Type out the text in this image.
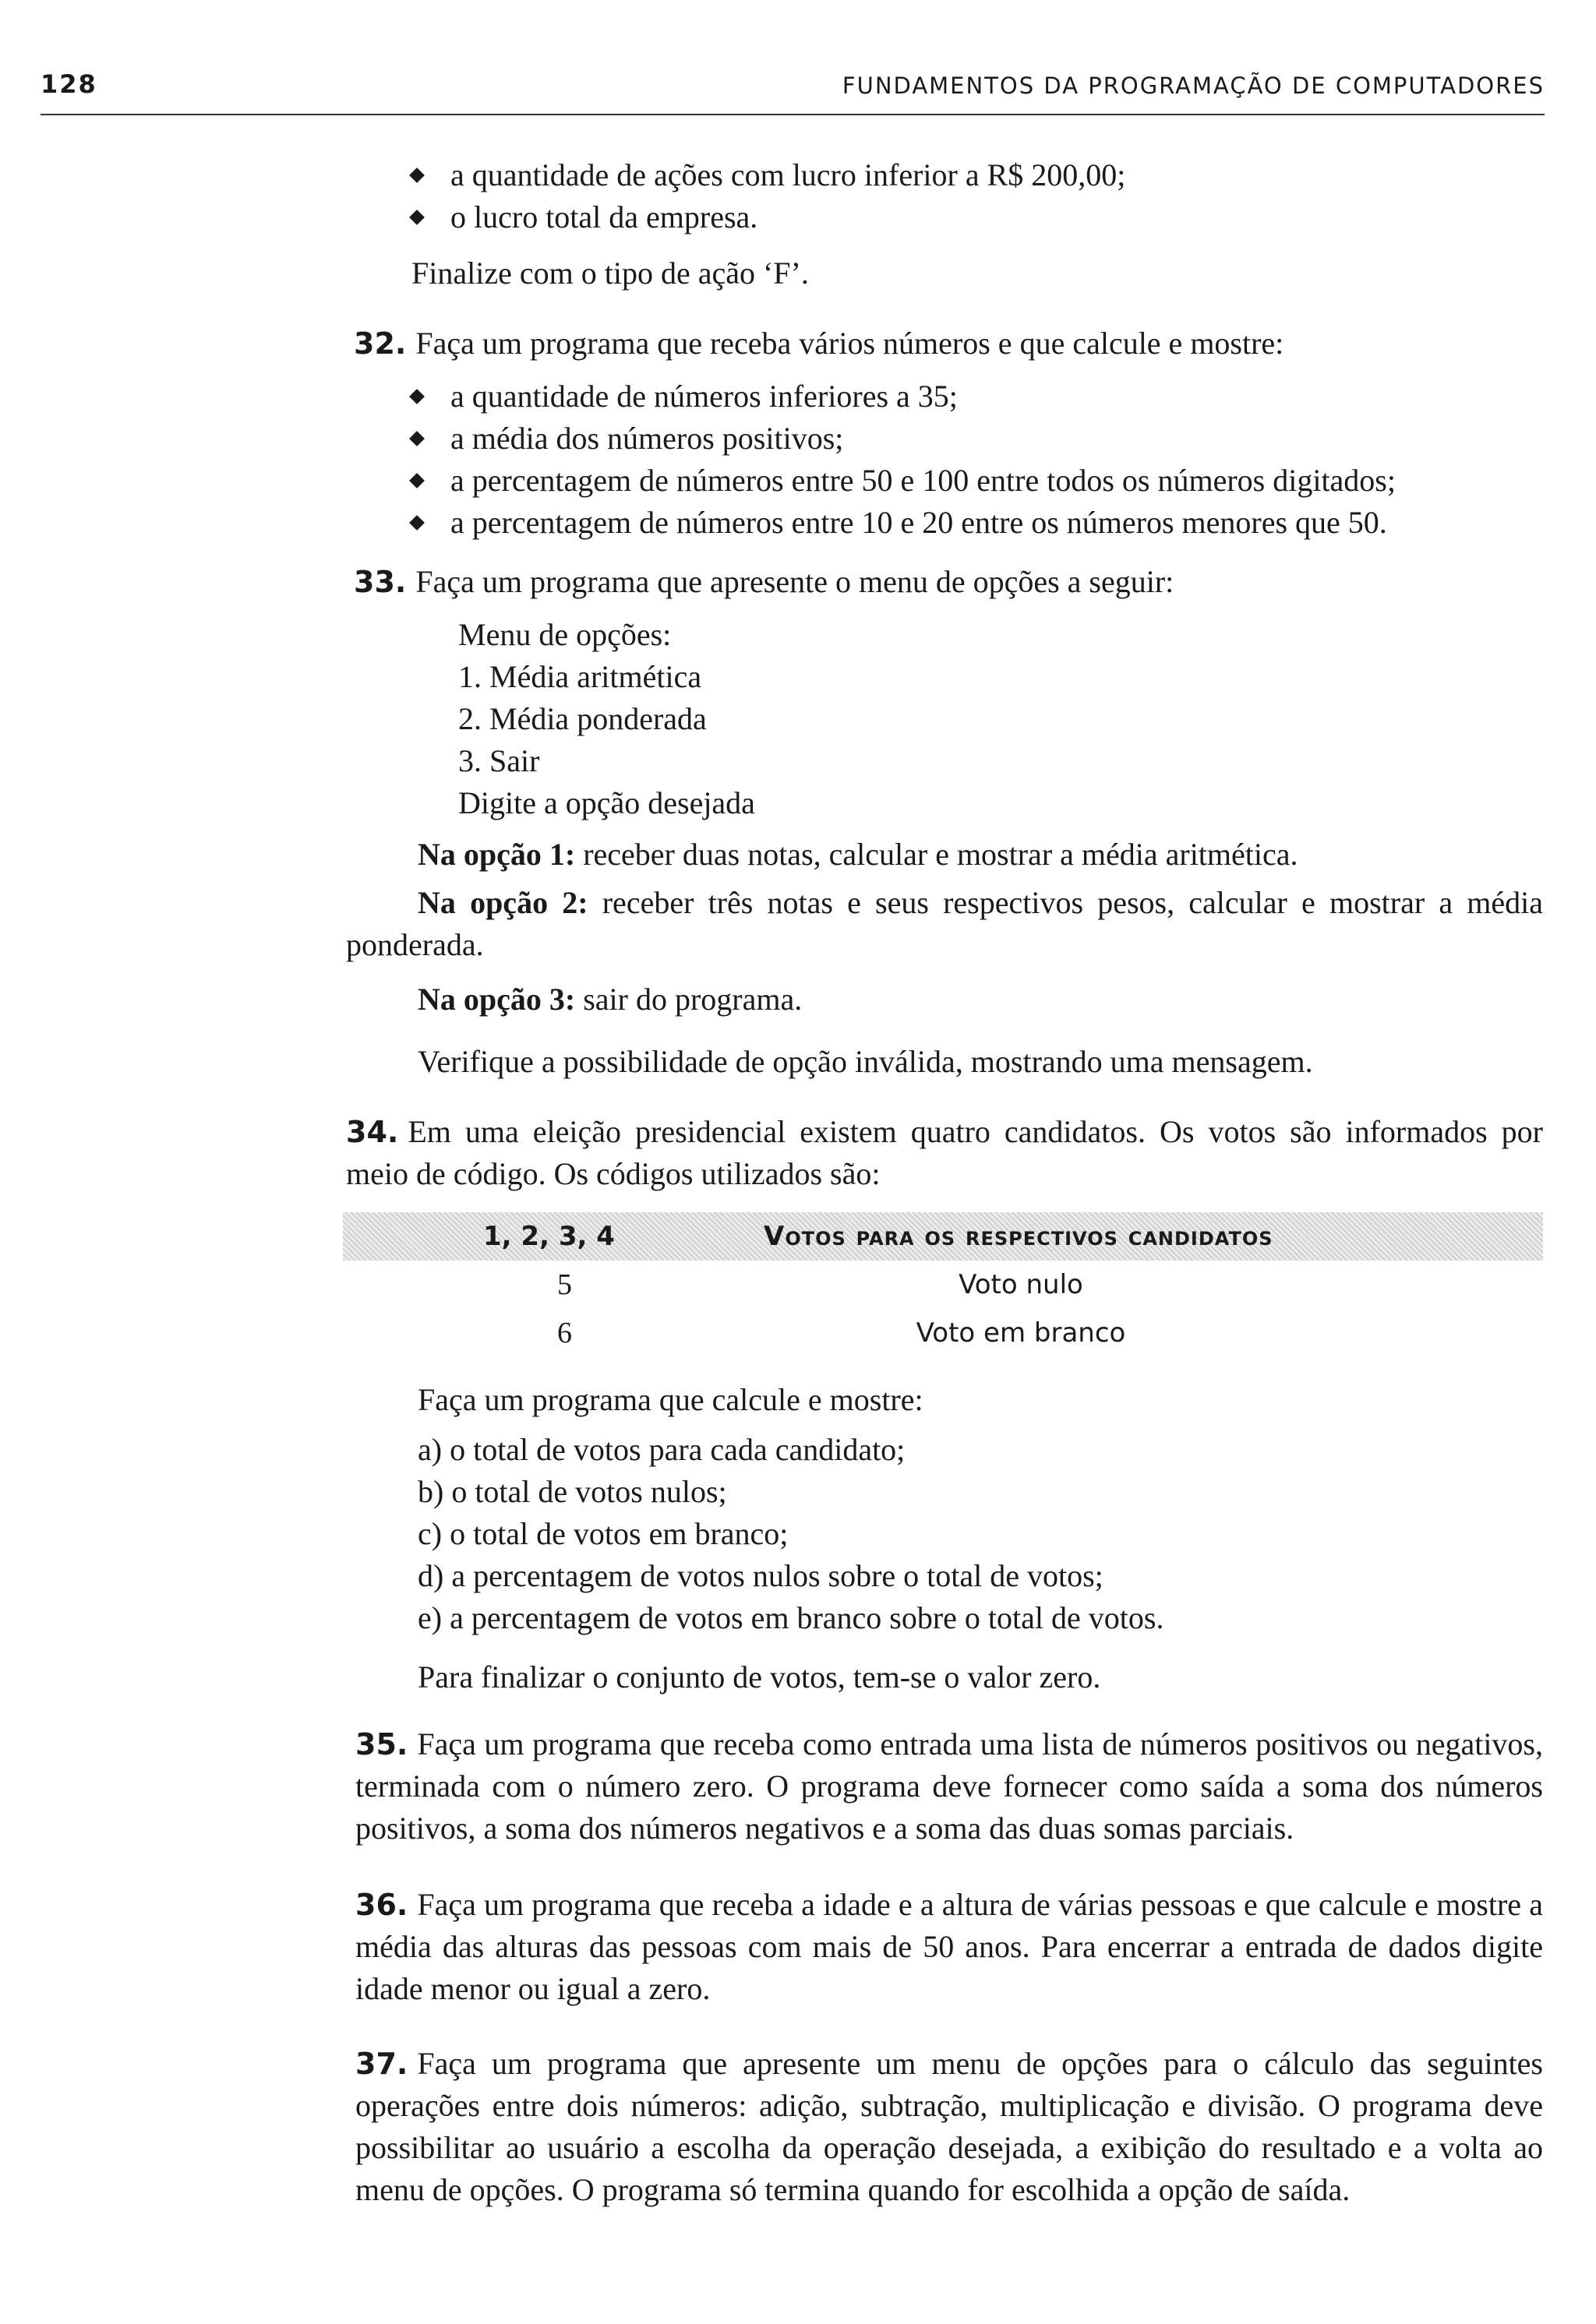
128	FUNDAMENTOS DA PROGRAMAÇÃO DE COMPUTADORES
a quantidade de ações com lucro inferior a R$ 200,00;
o lucro total da empresa.

Finalize com o tipo de ação ‘F’.

32. Faça um programa que receba vários números e que calcule e mostre:

a quantidade de números inferiores a 35;
a média dos números positivos;
a percentagem de números entre 50 e 100 entre todos os números digitados;
a percentagem de números entre 10 e 20 entre os números menores que 50.

33. Faça um programa que apresente o menu de opções a seguir:

Menu de opções:
1. Média aritmética
2. Média ponderada
3. Sair
Digite a opção desejada

Na opção 1: receber duas notas, calcular e mostrar a média aritmética.

Na opção 2: receber três notas e seus respectivos pesos, calcular e mostrar a média ponderada.

Na opção 3: sair do programa.

Verifique a possibilidade de opção inválida, mostrando uma mensagem.

34. Em uma eleição presidencial existem quatro candidatos. Os votos são informados por meio de código. Os códigos utilizados são:

1, 2, 3, 4	Votos para os respectivos candidatos
5	Voto nulo
6	Voto em branco

Faça um programa que calcule e mostre:

a) o total de votos para cada candidato;
b) o total de votos nulos;
c) o total de votos em branco;
d) a percentagem de votos nulos sobre o total de votos;
e) a percentagem de votos em branco sobre o total de votos.

Para finalizar o conjunto de votos, tem-se o valor zero.

35. Faça um programa que receba como entrada uma lista de números positivos ou negativos, terminada com o número zero. O programa deve fornecer como saída a soma dos números positivos, a soma dos números negativos e a soma das duas somas parciais.

36. Faça um programa que receba a idade e a altura de várias pessoas e que calcule e mostre a média das alturas das pessoas com mais de 50 anos. Para encerrar a entrada de dados digite idade menor ou igual a zero.

37. Faça um programa que apresente um menu de opções para o cálculo das seguintes operações entre dois números: adição, subtração, multiplicação e divisão. O programa deve possibilitar ao usuário a escolha da operação desejada, a exibição do resultado e a volta ao menu de opções. O programa só termina quando for escolhida a opção de saída.
